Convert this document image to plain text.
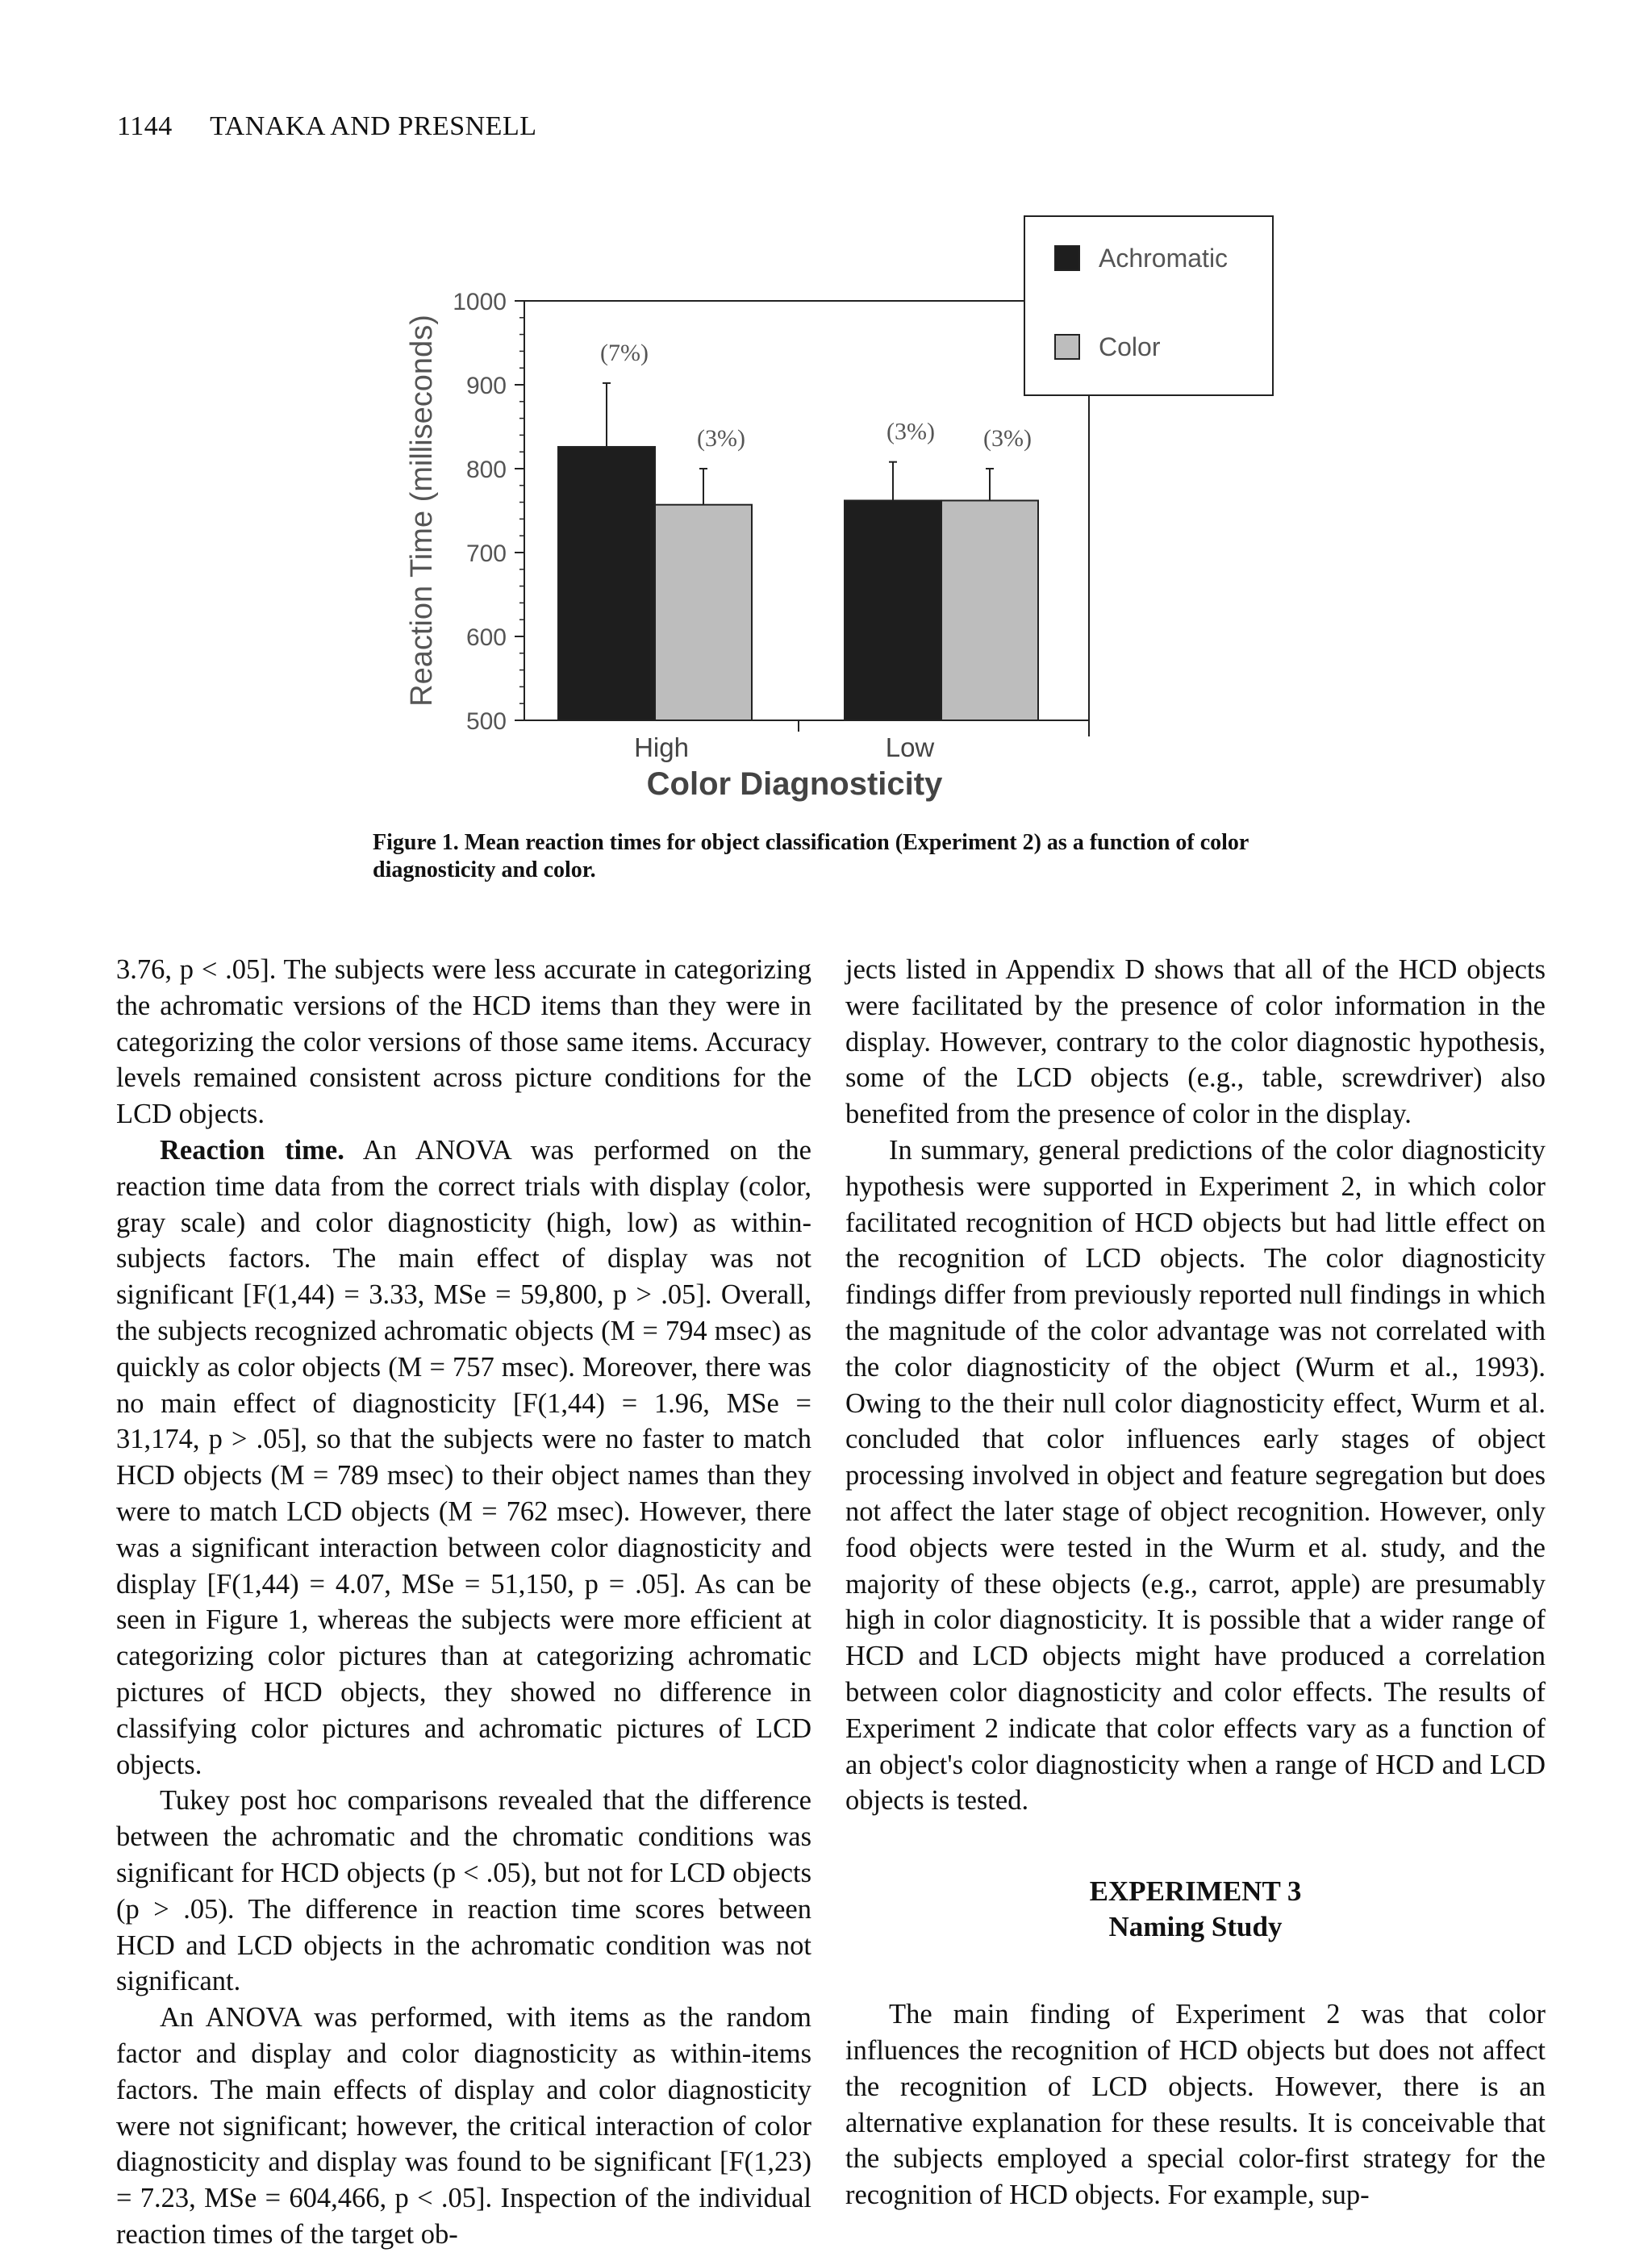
1144 TANAKA AND PRESNELL
500
600
700
800
900
1000
Reaction Time (milliseconds)
High	Low
Color Diagnosticity
(7%)
(3%)
(3%)	(3%)
Achromatic
Color
Figure 1. Mean reaction times for object classification (Experiment 2) as a function of color diagnosticity and color.

3.76, p < .05]. The subjects were less accurate in categorizing the achromatic versions of the HCD items than they were in categorizing the color versions of those same items. Accuracy levels remained consistent across picture conditions for the LCD objects.

Reaction time. An ANOVA was performed on the reaction time data from the correct trials with display (color, gray scale) and color diagnosticity (high, low) as within-subjects factors. The main effect of display was not significant [F(1,44) = 3.33, MSe = 59,800, p > .05]. Overall, the subjects recognized achromatic objects (M = 794 msec) as quickly as color objects (M = 757 msec). Moreover, there was no main effect of diagnosticity [F(1,44) = 1.96, MSe = 31,174, p > .05], so that the subjects were no faster to match HCD objects (M = 789 msec) to their object names than they were to match LCD objects (M = 762 msec). However, there was a significant interaction between color diagnosticity and display [F(1,44) = 4.07, MSe = 51,150, p = .05]. As can be seen in Figure 1, whereas the subjects were more efficient at categorizing color pictures than at categorizing achromatic pictures of HCD objects, they showed no difference in classifying color pictures and achromatic pictures of LCD objects.

Tukey post hoc comparisons revealed that the difference between the achromatic and the chromatic conditions was significant for HCD objects (p < .05), but not for LCD objects (p > .05). The difference in reaction time scores between HCD and LCD objects in the achromatic condition was not significant.

An ANOVA was performed, with items as the random factor and display and color diagnosticity as within-items factors. The main effects of display and color diagnosticity were not significant; however, the critical interaction of color diagnosticity and display was found to be significant [F(1,23) = 7.23, MSe = 604,466, p < .05]. Inspection of the individual reaction times of the target ob-

jects listed in Appendix D shows that all of the HCD objects were facilitated by the presence of color information in the display. However, contrary to the color diagnostic hypothesis, some of the LCD objects (e.g., table, screwdriver) also benefited from the presence of color in the display.

In summary, general predictions of the color diagnosticity hypothesis were supported in Experiment 2, in which color facilitated recognition of HCD objects but had little effect on the recognition of LCD objects. The color diagnosticity findings differ from previously reported null findings in which the magnitude of the color advantage was not correlated with the color diagnosticity of the object (Wurm et al., 1993). Owing to the their null color diagnosticity effect, Wurm et al. concluded that color influences early stages of object processing involved in object and feature segregation but does not affect the later stage of object recognition. However, only food objects were tested in the Wurm et al. study, and the majority of these objects (e.g., carrot, apple) are presumably high in color diagnosticity. It is possible that a wider range of HCD and LCD objects might have produced a correlation between color diagnosticity and color effects. The results of Experiment 2 indicate that color effects vary as a function of an object's color diagnosticity when a range of HCD and LCD objects is tested.

EXPERIMENT 3
Naming Study

The main finding of Experiment 2 was that color influences the recognition of HCD objects but does not affect the recognition of LCD objects. However, there is an alternative explanation for these results. It is conceivable that the subjects employed a special color-first strategy for the recognition of HCD objects. For example, sup-
